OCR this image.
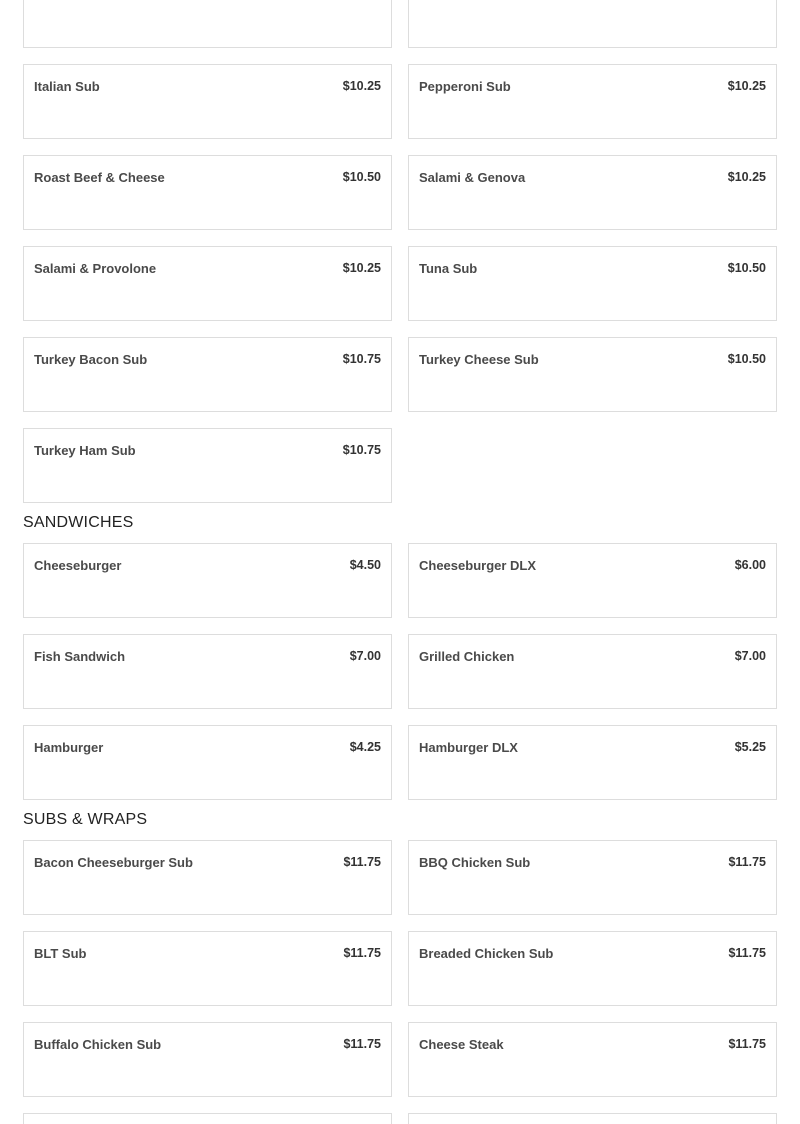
Italian Sub	$10.25	Pepperoni Sub	$10.25
Roast Beef & Cheese	$10.50	Salami & Genova	$10.25
Salami & Provolone	$10.25	Tuna Sub	$10.50
Turkey Bacon Sub	$10.75	Turkey Cheese Sub	$10.50
Turkey Ham Sub	$10.75
SANDWICHES
Cheeseburger	$4.50	Cheeseburger DLX	$6.00
Fish Sandwich	$7.00	Grilled Chicken	$7.00
Hamburger	$4.25	Hamburger DLX	$5.25
SUBS & WRAPS
Bacon Cheeseburger Sub	$11.75	BBQ Chicken Sub	$11.75
BLT Sub	$11.75	Breaded Chicken Sub	$11.75
Buffalo Chicken Sub	$11.75	Cheese Steak	$11.75
